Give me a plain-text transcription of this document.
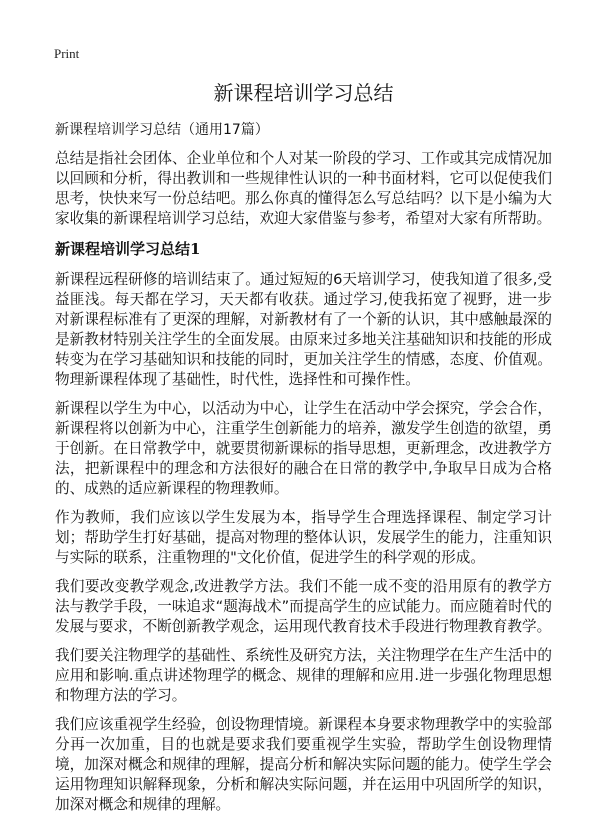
Print
新课程培训学习总结
新课程培训学习总结（通用17篇）

总结是指社会团体、企业单位和个人对某一阶段的学习、工作或其完成情况加以回顾和分析，得出教训和一些规律性认识的一种书面材料，它可以促使我们思考，快快来写一份总结吧。那么你真的懂得怎么写总结吗？以下是小编为大家收集的新课程培训学习总结，欢迎大家借鉴与参考，希望对大家有所帮助。

新课程培训学习总结1

新课程远程研修的培训结束了。通过短短的6天培训学习，使我知道了很多,受益匪浅。每天都在学习，天天都有收获。通过学习,使我拓宽了视野，进一步对新课程标准有了更深的理解，对新教材有了一个新的认识，其中感触最深的是新教材特别关注学生的全面发展。由原来过多地关注基础知识和技能的形成转变为在学习基础知识和技能的同时，更加关注学生的情感，态度、价值观。物理新课程体现了基础性，时代性，选择性和可操作性。

新课程以学生为中心，以活动为中心，让学生在活动中学会探究，学会合作，新课程将以创新为中心，注重学生创新能力的培养，激发学生创造的欲望，勇于创新。在日常教学中，就要贯彻新课标的指导思想，更新理念，改进教学方法，把新课程中的理念和方法很好的融合在日常的教学中,争取早日成为合格的、成熟的适应新课程的物理教师。

作为教师，我们应该以学生发展为本，指导学生合理选择课程、制定学习计划；帮助学生打好基础，提高对物理的整体认识，发展学生的能力，注重知识与实际的联系，注重物理的"文化价值，促进学生的科学观的形成。

我们要改变教学观念,改进教学方法。我们不能一成不变的沿用原有的教学方法与教学手段，一味追求“题海战术”而提高学生的应试能力。而应随着时代的发展与要求，不断创新教学观念，运用现代教育技术手段进行物理教育教学。

我们要关注物理学的基础性、系统性及研究方法，关注物理学在生产生活中的应用和影响.重点讲述物理学的概念、规律的理解和应用.进一步强化物理思想和物理方法的学习。

我们应该重视学生经验，创设物理情境。新课程本身要求物理教学中的实验部分再一次加重，目的也就是要求我们要重视学生实验，帮助学生创设物理情境，加深对概念和规律的理解，提高分析和解决实际问题的能力。使学生学会运用物理知识解释现象，分析和解决实际问题，并在运用中巩固所学的知识，加深对概念和规律的理解。
